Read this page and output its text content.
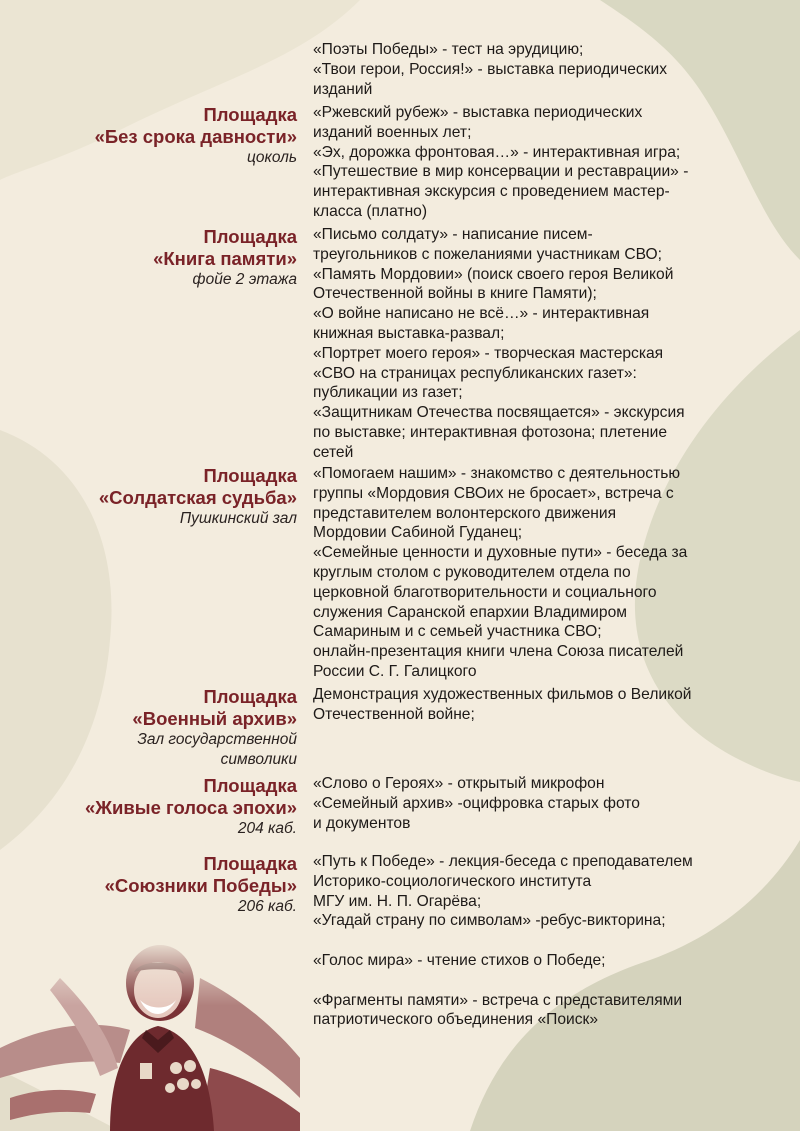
«Поэты Победы» - тест на эрудицию;
«Твои герои, Россия!» - выставка периодических
изданий
Площадка
«Без срока давности»
цоколь
«Ржевский рубеж» - выставка периодических
изданий военных лет;
«Эх, дорожка фронтовая…» - интерактивная игра;
«Путешествие в мир консервации и реставрации» -
интерактивная экскурсия с проведением мастер-
класса (платно)
Площадка
«Книга памяти»
фойе 2 этажа
«Письмо солдату» - написание писем-
треугольников с пожеланиями участникам СВО;
«Память Мордовии» (поиск своего героя Великой
Отечественной войны в книге Памяти);
«О войне написано не всё…» - интерактивная
книжная выставка-развал;
«Портрет моего героя» - творческая мастерская
«СВО на страницах республиканских газет»:
публикации из газет;
«Защитникам Отечества посвящается» - экскурсия
по выставке; интерактивная фотозона; плетение
сетей
Площадка
«Солдатская судьба»
Пушкинский зал
«Помогаем нашим» - знакомство с деятельностью
группы «Мордовия СВОих не бросает», встреча с
представителем волонтерского движения
Мордовии Сабиной Гуданец;
«Семейные ценности и духовные пути» - беседа за
круглым столом с руководителем отдела по
церковной благотворительности и социального
служения Саранской епархии Владимиром
Самариным и с семьей участника СВО;
онлайн-презентация книги члена Союза писателей
России С. Г. Галицкого
Площадка
«Военный архив»
Зал государственной
символики
Демонстрация художественных фильмов о Великой
Отечественной войне;
Площадка
«Живые голоса эпохи»
204 каб.
«Слово о Героях» - открытый микрофон
«Семейный архив» -оцифровка старых фото
и документов
Площадка
«Союзники Победы»
206 каб.
«Путь к Победе» - лекция-беседа с преподавателем
Историко-социологического института
МГУ им. Н. П. Огарёва;
«Угадай страну по символам» -ребус-викторина;
«Голос мира» - чтение стихов о Победе;
«Фрагменты памяти» - встреча с представителями
патриотического объединения «Поиск»
